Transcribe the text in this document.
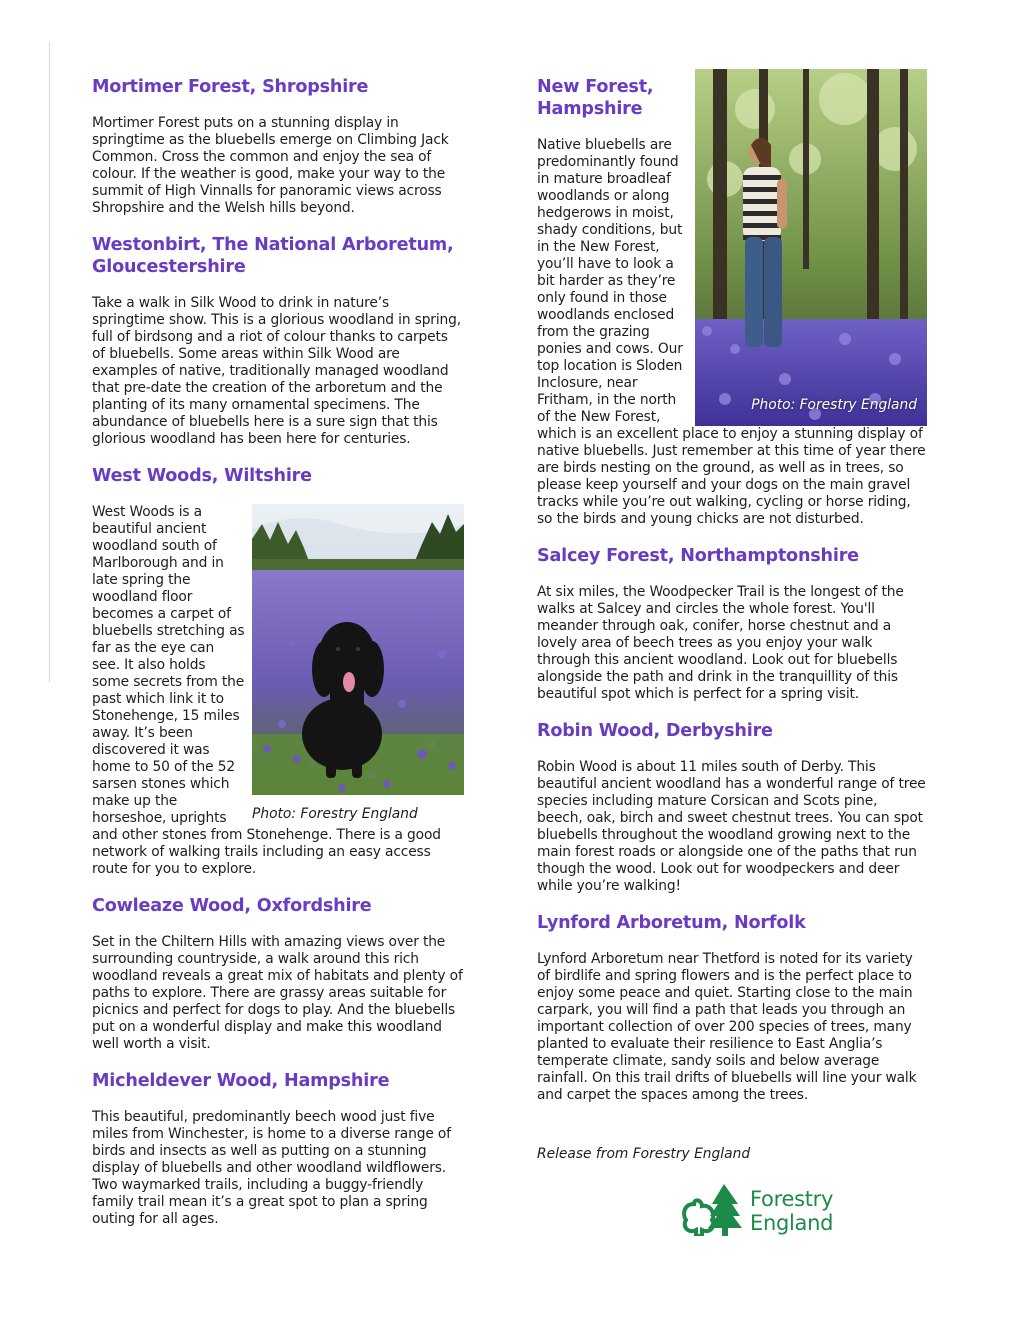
Mortimer Forest, Shropshire

Mortimer Forest puts on a stunning display in springtime as the bluebells emerge on Climbing Jack Common. Cross the common and enjoy the sea of colour. If the weather is good, make your way to the summit of High Vinnalls for panoramic views across Shropshire and the Welsh hills beyond.

Westonbirt, The National Arboretum, Gloucestershire

Take a walk in Silk Wood to drink in nature’s springtime show. This is a glorious woodland in spring, full of birdsong and a riot of colour thanks to carpets of bluebells. Some areas within Silk Wood are examples of native, traditionally managed woodland that pre-date the creation of the arboretum and the planting of its many ornamental specimens. The abundance of bluebells here is a sure sign that this glorious woodland has been here for centuries.

West Woods, Wiltshire
Photo: Forestry England

West Woods is a beautiful ancient woodland south of Marlborough and in late spring the woodland floor becomes a carpet of bluebells stretching as far as the eye can see. It also holds some secrets from the past which link it to Stonehenge, 15 miles away. It’s been discovered it was home to 50 of the 52 sarsen stones which make up the horseshoe, uprights and other stones from Stonehenge. There is a good network of walking trails including an easy access route for you to explore.

Cowleaze Wood, Oxfordshire

Set in the Chiltern Hills with amazing views over the surrounding countryside, a walk around this rich woodland reveals a great mix of habitats and plenty of paths to explore. There are grassy areas suitable for picnics and perfect for dogs to play. And the bluebells put on a wonderful display and make this woodland well worth a visit.

Micheldever Wood, Hampshire

This beautiful, predominantly beech wood just five miles from Winchester, is home to a diverse range of birds and insects as well as putting on a stunning display of bluebells and other woodland wildflowers. Two waymarked trails, including a buggy-friendly family trail mean it’s a great spot to plan a spring outing for all ages.

Photo: Forestry England
New Forest, Hampshire

Native bluebells are predominantly found in mature broadleaf woodlands or along hedgerows in moist, shady conditions, but in the New Forest, you’ll have to look a bit harder as they’re only found in those woodlands enclosed from the grazing ponies and cows. Our top location is Sloden Inclosure, near Fritham, in the north of the New Forest, which is an excellent place to enjoy a stunning display of native bluebells. Just remember at this time of year there are birds nesting on the ground, as well as in trees, so please keep yourself and your dogs on the main gravel tracks while you’re out walking, cycling or horse riding, so the birds and young chicks are not disturbed.

Salcey Forest, Northamptonshire

At six miles, the Woodpecker Trail is the longest of the walks at Salcey and circles the whole forest. You'll meander through oak, conifer, horse chestnut and a lovely area of beech trees as you enjoy your walk through this ancient woodland. Look out for bluebells alongside the path and drink in the tranquillity of this beautiful spot which is perfect for a spring visit.

Robin Wood, Derbyshire

Robin Wood is about 11 miles south of Derby. This beautiful ancient woodland has a wonderful range of tree species including mature Corsican and Scots pine, beech, oak, birch and sweet chestnut trees. You can spot bluebells throughout the woodland growing next to the main forest roads or alongside one of the paths that run though the wood. Look out for woodpeckers and deer while you’re walking!

Lynford Arboretum, Norfolk

Lynford Arboretum near Thetford is noted for its variety of birdlife and spring flowers and is the perfect place to enjoy some peace and quiet. Starting close to the main carpark, you will find a path that leads you through an important collection of over 200 species of trees, many planted to evaluate their resilience to East Anglia’s temperate climate, sandy soils and below average rainfall. On this trail drifts of bluebells will line your walk and carpet the spaces among the trees.

Release from Forestry England
Forestry England
